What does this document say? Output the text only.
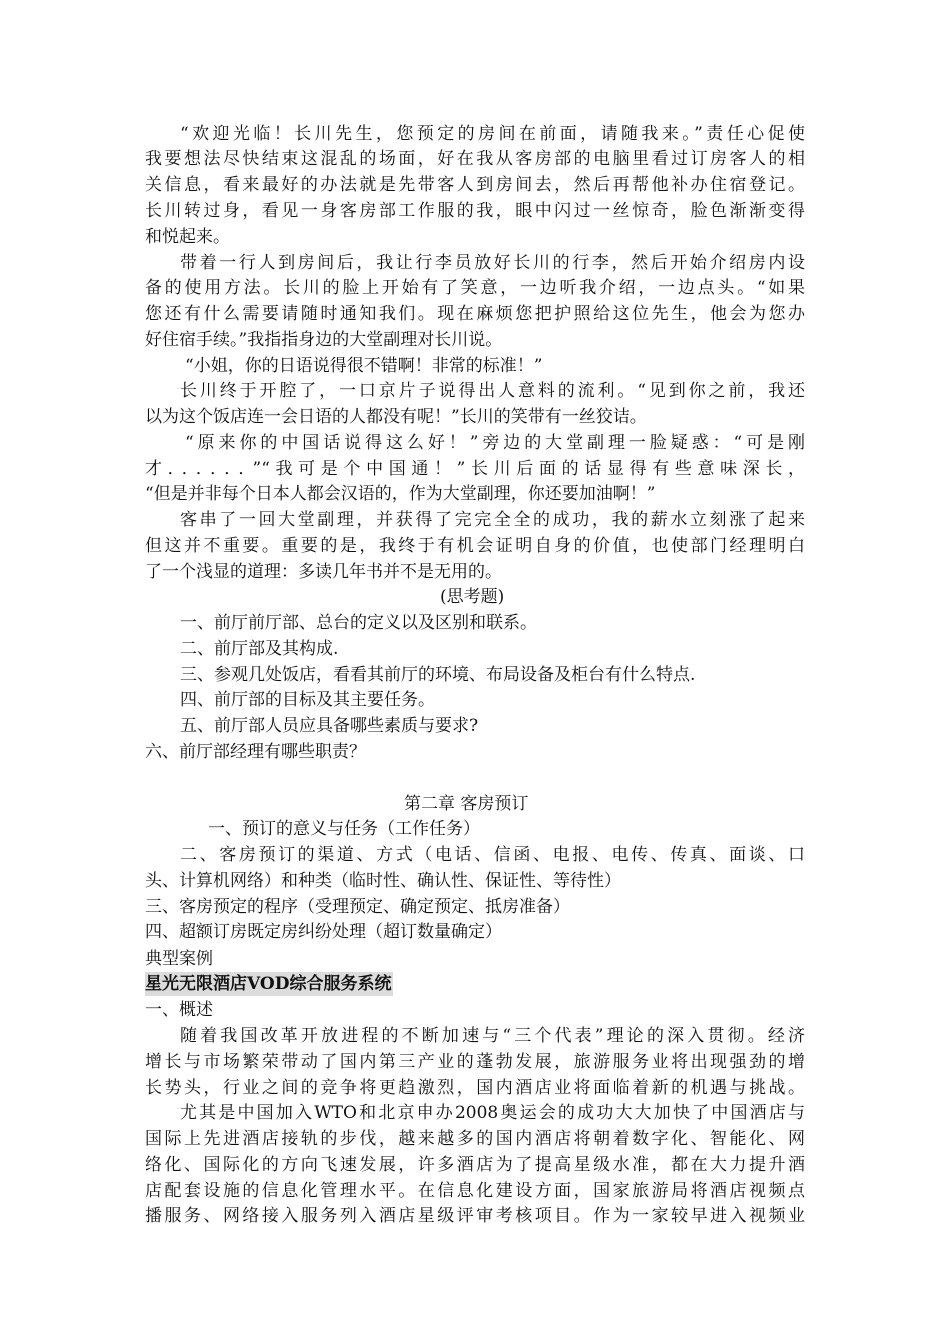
“欢迎光临！长川先生，您预定的房间在前面，请随我来。”责任心促使
我要想法尽快结束这混乱的场面，好在我从客房部的电脑里看过订房客人的相
关信息，看来最好的办法就是先带客人到房间去，然后再帮他补办住宿登记。
长川转过身，看见一身客房部工作服的我，眼中闪过一丝惊奇，脸色渐渐变得
和悦起来。
带着一行人到房间后，我让行李员放好长川的行李，然后开始介绍房内设
备的使用方法。长川的脸上开始有了笑意，一边听我介绍，一边点头。“如果
您还有什么需要请随时通知我们。现在麻烦您把护照给这位先生，他会为您办
好住宿手续。”我指指身边的大堂副理对长川说。
“小姐，你的日语说得很不错啊！非常的标准！”
长川终于开腔了，一口京片子说得出人意料的流利。“见到你之前，我还
以为这个饭店连一会日语的人都没有呢！”长川的笑带有一丝狡诘。
“原来你的中国话说得这么好！”旁边的大堂副理一脸疑惑：“可是刚
才．．．．．．”“我可是个中国通！”长川后面的话显得有些意味深长，
“但是并非每个日本人都会汉语的，作为大堂副理，你还要加油啊！”
客串了一回大堂副理，并获得了完完全全的成功，我的薪水立刻涨了起来
但这并不重要。重要的是，我终于有机会证明自身的价值，也使部门经理明白
了一个浅显的道理：多读几年书并不是无用的。
(思考题)
一、前厅前厅部、总台的定义以及区别和联系。
二、前厅部及其构成.
三、参观几处饭店，看看其前厅的环境、布局设备及柜台有什么特点.
四、前厅部的目标及其主要任务。
五、前厅部人员应具备哪些素质与要求?
六、前厅部经理有哪些职责？
第二章 客房预订
一、预订的意义与任务（工作任务）
二、客房预订的渠道、方式（电话、信函、电报、电传、传真、面谈、口
头、计算机网络）和种类（临时性、确认性、保证性、等待性）
三、客房预定的程序（受理预定、确定预定、抵房准备）
四、超额订房既定房纠纷处理（超订数量确定）
典型案例
星光无限酒店VOD综合服务系统
一、概述
随着我国改革开放进程的不断加速与“三个代表”理论的深入贯彻。经济
增长与市场繁荣带动了国内第三产业的蓬勃发展，旅游服务业将出现强劲的增
长势头，行业之间的竞争将更趋激烈，国内酒店业将面临着新的机遇与挑战。
尤其是中国加入WTO和北京申办2008奥运会的成功大大加快了中国酒店与
国际上先进酒店接轨的步伐，越来越多的国内酒店将朝着数字化、智能化、网
络化、国际化的方向飞速发展，许多酒店为了提高星级水准，都在大力提升酒
店配套设施的信息化管理水平。在信息化建设方面，国家旅游局将酒店视频点
播服务、网络接入服务列入酒店星级评审考核项目。作为一家较早进入视频业
